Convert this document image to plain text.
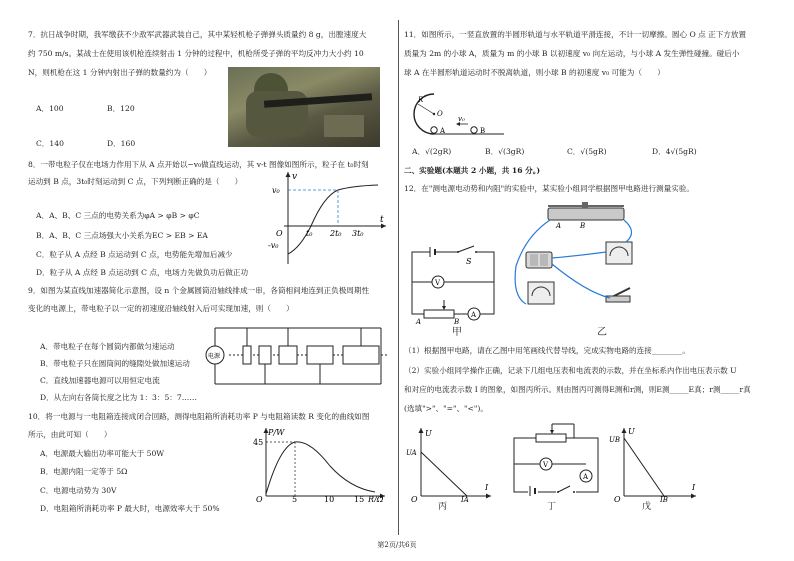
7．抗日战争时期，我军缴获不少敌军武器武装自己，其中某轻机枪子弹弹头质量约 8 g，出膛速度大
约 750 m/s。某战士在使用该机枪连续射击 1 分钟的过程中，机枪所受子弹的平均反冲力大小约 10
N，则机枪在这 1 分钟内射出子弹的数量约为（　　）
A．100	B．120
C．140	D．160
8．一带电粒子仅在电场力作用下从 A 点开始以−v₀做直线运动，其 v-t 图像如图所示，粒子在 t₀时刻
运动到 B 点，3t₀时刻运动到 C 点，下列判断正确的是（　　）
A．A、B、C 三点的电势关系为φA > φB > φC
B．A、B、C 三点场强大小关系为EC > EB > EA
C．粒子从 A 点经 B 点运动到 C 点，电势能先增加后减少
D．粒子从 A 点经 B 点运动到 C 点，电场力先做负功后做正功
v
v₀
-v₀
O
t
t₀ 2t₀ 3t₀
9．如图为某直线加速器简化示意图，设 n 个金属圆筒沿轴线排成一串，各筒相间地连到正负极周期性
变化的电源上，带电粒子以一定的初速度沿轴线射入后可实现加速，则（　　）
A．带电粒子在每个圆筒内都做匀速运动
B．带电粒子只在圆筒间的缝隙处做加速运动
C．直线加速器电源可以用恒定电流
D．从左向右各筒长度之比为 1：3：5：7……
电源
10．将一电源与一电阻箱连接成闭合回路，测得电阻箱所消耗功率 P 与电阻箱读数 R 变化的曲线如图
所示，由此可知（　　）
A．电源最大输出功率可能大于 50W
B．电源内阻一定等于 5Ω
C．电源电动势为 30V
D．电阻箱所消耗功率 P 最大时，电源效率大于 50%
P/W
45
O	5	10 15 R/Ω
11．如图所示，一竖直放置的半圆形轨道与水平轨道平滑连接，不计一切摩擦。圆心 O 点 正下方放置
质量为 2m 的小球 A，质量为 m 的小球 B 以初速度 v₀ 向左运动，与小球 A 发生弹性碰撞。碰后小
球 A 在半圆形轨道运动时不脱离轨道，则小球 B 的初速度 v₀ 可能为（　　）
R
O
A
v₀
B
A．√(2gR)	B．√(3gR)	C．√(5gR)	D．4√(5gR)
二、实验题(本题共 2 小题，共 16 分。)
12．在"测电源电动势和内阻"的实验中，某实验小组同学根据图甲电路进行测量实验。
S
V
A	B
A
甲
A	B
乙
（1）根据图甲电路，请在乙图中用笔画线代替导线，完成实物电路的连接________。
（2）实验小组同学操作正确，记录下几组电压表和电流表的示数，并在坐标系内作出电压表示数 U
和对应的电流表示数 I 的图象，如图丙所示。则由图丙可测得E测和r测，则E测_____E真；r测_____r真
(选填">"、"="、"<")。
U
UA
O	IA
I
丙
V
A
丁
U
UB
O	IB
I
戊
第2页/共6页
